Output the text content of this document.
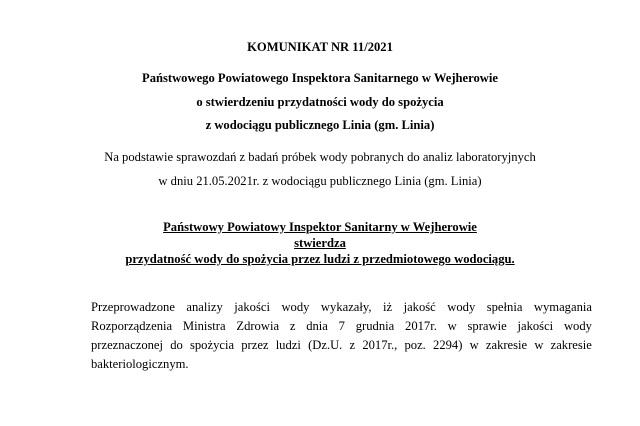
KOMUNIKAT NR 11/2021
Państwowego Powiatowego Inspektora Sanitarnego w Wejherowie
o stwierdzeniu przydatności wody do spożycia
z wodociągu publicznego Linia (gm. Linia)
Na podstawie sprawozdań z badań próbek wody pobranych do analiz laboratoryjnych
w dniu 21.05.2021r. z wodociągu publicznego Linia (gm. Linia)
Państwowy Powiatowy Inspektor Sanitarny w Wejherowie
stwierdza
przydatność wody do spożycia przez ludzi z przedmiotowego wodociągu.
Przeprowadzone analizy jakości wody wykazały, iż jakość wody spełnia wymagania
Rozporządzenia Ministra Zdrowia z dnia 7 grudnia 2017r. w sprawie jakości wody
przeznaczonej do spożycia przez ludzi (Dz.U. z 2017r., poz. 2294) w zakresie w zakresie
bakteriologicznym.
